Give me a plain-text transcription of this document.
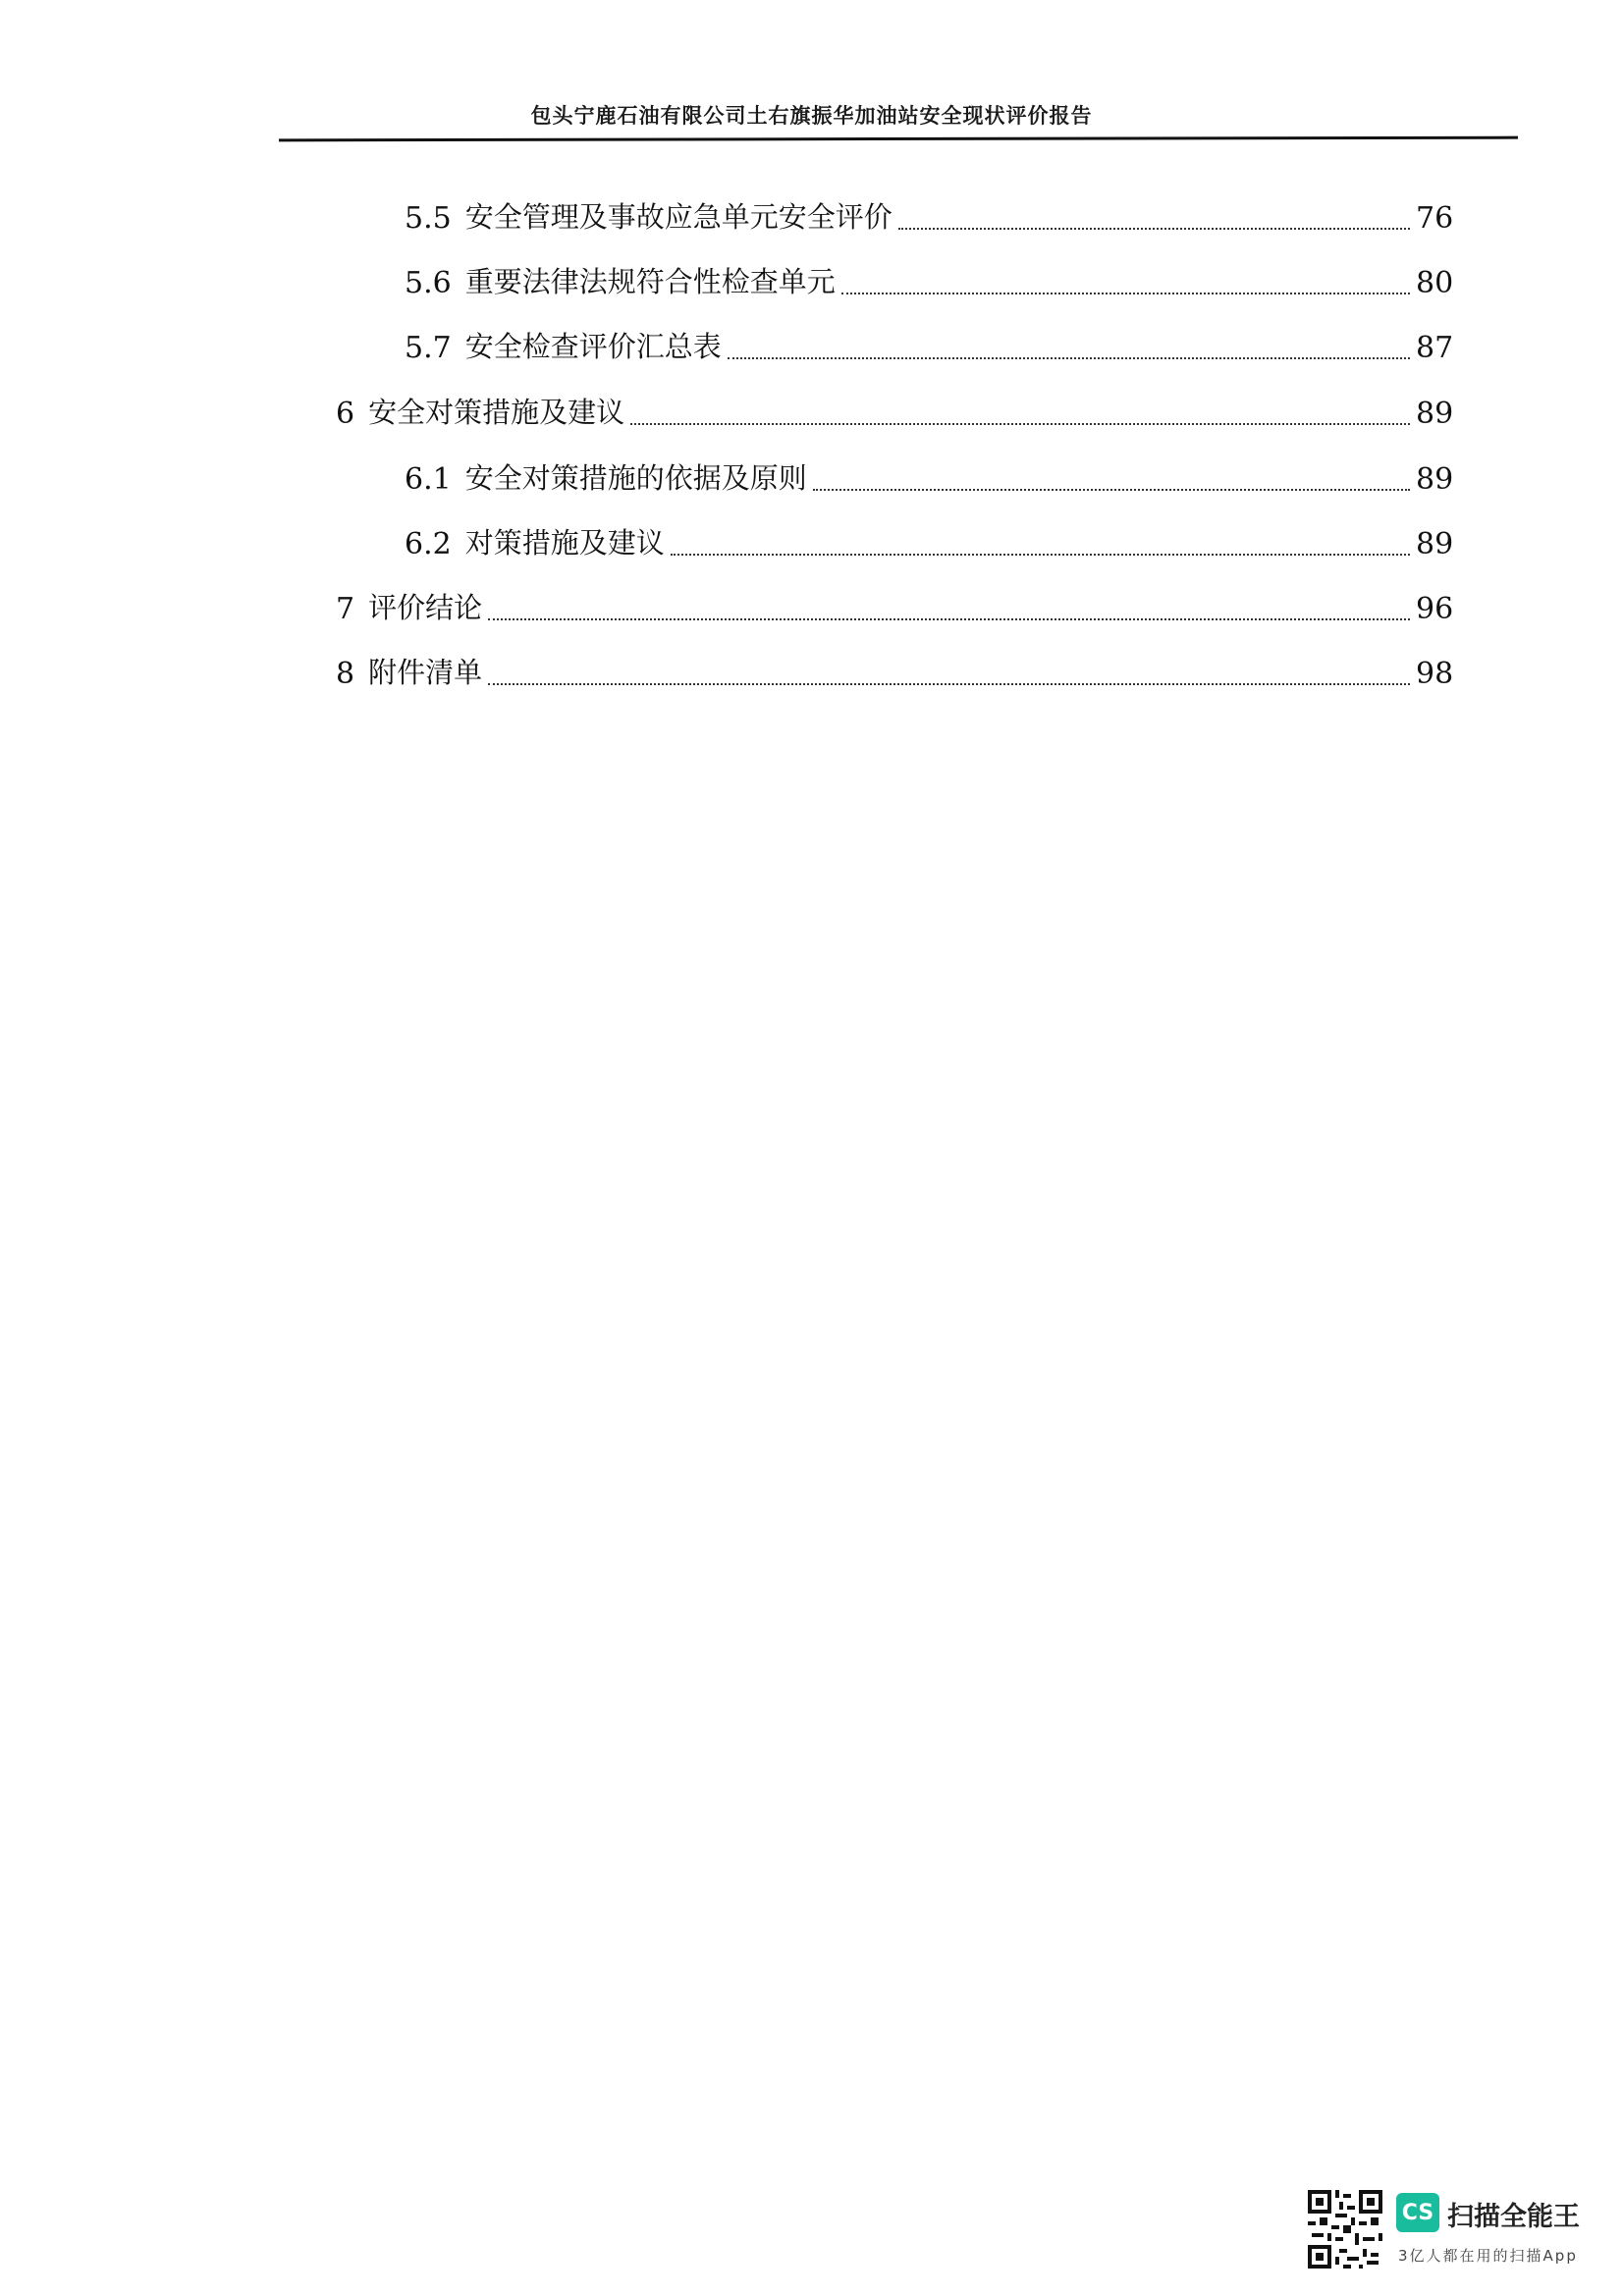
包头宁鹿石油有限公司土右旗振华加油站安全现状评价报告
5.5 安全管理及事故应急单元安全评价	76
5.6 重要法律法规符合性检查单元	80
5.7 安全检查评价汇总表	87
6 安全对策措施及建议	89
6.1 安全对策措施的依据及原则	89
6.2 对策措施及建议	89
7 评价结论	96
8 附件清单	98
CS 扫描全能王
3亿人都在用的扫描App
